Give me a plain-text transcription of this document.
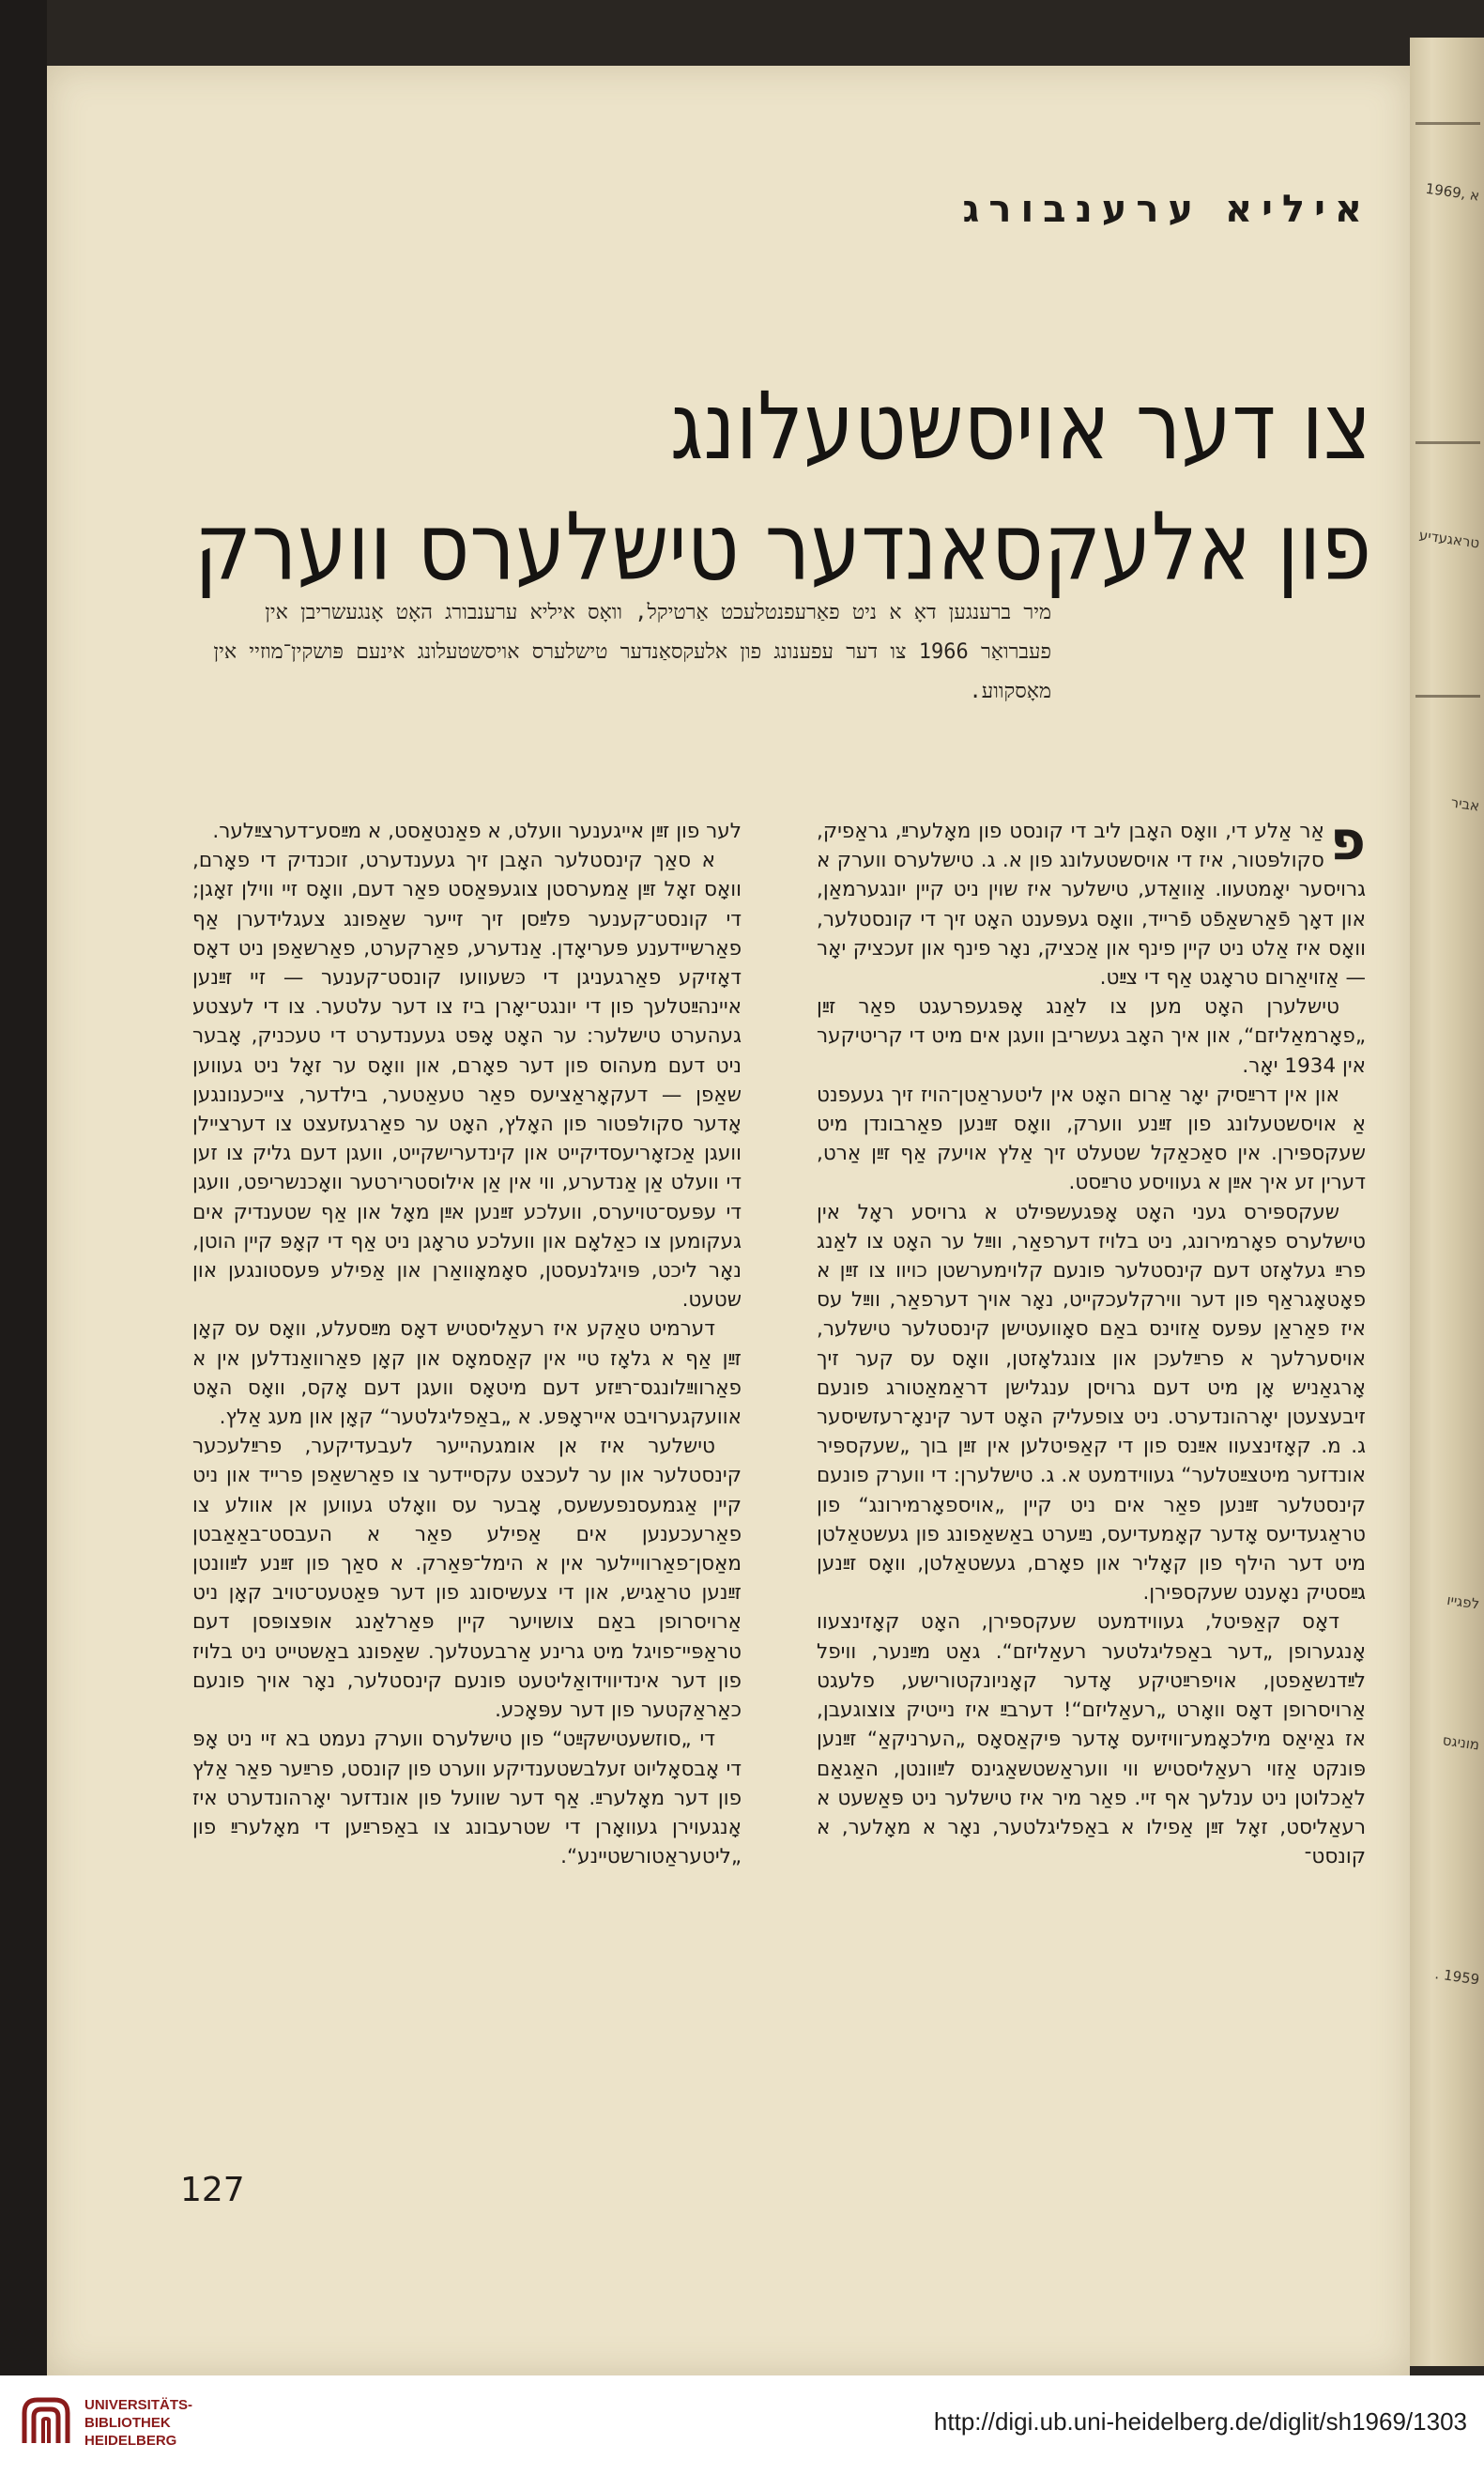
א ,1969
טראגעדיע
אביר
לפגייו
מוניגס
1959 .
איליא ערענבורג
צו דער אויסשטעלונג
פון אלעקסאנדער טישלערס ווערק
מיר ברענגען דאָ א ניט פאַרעפנטלעכט אַרטיקל, וואָס איליא ערענבורג האָט אָנגעשריבן אין פעברואַר 1966 צו דער עפענונג פון אלעקסאַנדער טישלערס אויסשטעלונג אינעם פּושקין־מוזיי אין מאָסקווע.

פ
אַר אַלע די, וואָס האָבן ליב די קונסט פון מאָלערײַ, גראַפיק, סקולפּטור, איז די אויסשטעלונג פון א. ג. טישלערס ווערק א גרויסער יאָמטעוו. אַוואַדע, טישלער איז שוין ניט קיין יונגערמאַן, און דאָך פֿאַרשאַפֿט פֿרייד, וואָס געפּענט האָט זיך די קונסטלער, וואָס איז אַלט ניט קיין פינף און אַכציק, נאָר פינף און זעכציק יאָר — אַזויאַרום טראָגט אַף די צײַט.

טישלערן האָט מען צו לאַנג אָפּגעפרעגט פאַר זײַן „פאָרמאַליזם“, און איך האָב געשריבן וועגן אים מיט די קריטיקער אין 1934 יאָר.

און אין דרײַסיק יאָר אַרום האָט אין ליטעראַטן־הויז זיך געעפנט אַ אויסשטעלונג פון זײַנע ווערק, וואָס זײַנען פאַרבונדן מיט שעקספּירן. אין סאַכאַקל שטעלט זיך אַלץ אויעק אַף זײַן אַרט, דערין זע איך אײַן א געוויסע טרײַסט.

שעקספּירס געני האָט אָפּגעשפּילט א גרויסע ראָל אין טישלערס פאָרמירונג, ניט בלויז דערפאַר, ווײַל ער האָט צו לאַנג פרײַ געלאָזט דעם קינסטלער פונעם קלוימערשטן כויוו צו זײַן א פאָטאָגראַף פון דער ווירקלעכקייט, נאָר אויך דערפאַר, ווײַל עס איז פאַראַן עפּעס אַזוינס באַם סאָוועטישן קינסטלער טישלער, אויסערלעך א פרײַלעכן און צונגלאָזטן, וואָס עס קער זיך אָרגאַניש אָן מיט דעם גרויסן ענגלישן דראַמאַטורג פונעם זיבעצעטן יאָרהונדערט. ניט צופעליק האָט דער קינאָ־רעזשיסער ג. מ. קאָזינצעוו אײַנס פון די קאַפּיטלען אין זײַן בוך „שעקספּיר אונדזער מיטצײַטלער“ געווידמעט א. ג. טישלערן: די ווערק פונעם קינסטלער זײַנען פאַר אים ניט קיין „אויספאָרמירונג“ פון טראַגעדיעס אָדער קאָמעדיעס, נײַערט באַשאַפונג פון געשטאַלטן מיט דער הילף פון קאָליר און פאָרם, געשטאַלטן, וואָס זײַנען גײַסטיק נאָענט שעקספּירן.

דאָס קאַפּיטל, געווידמעט שעקספּירן, האָט קאָזינצעוו אָנגערופן „דער באַפליגלטער רעאַליזם“. גאַט מײַנער, וויפל לײַדנשאַפטן, אויפרײַטיקע אָדער קאָניונקטורישע, פלעגט אַרויסרופן דאָס וואָרט „רעאַליזם“! דערבײַ איז נייטיק צוצוגעבן, אז גאַיאַס מילכאָמע־וויזיעס אָדער פּיקאַסאָס „הערניקאַ“ זײַנען פּונקט אַזוי רעאַליסטיש ווי וועראַשטשאַגינס לײַוונטן, האַגאַם לאַכלוטן ניט ענלעך אף זיי. פאַר מיר איז טישלער ניט פּאַשעט א רעאַליסט, זאָל זײַן אַפילו א באַפליגלטער, נאָר א מאָלער, א קונסט־

לער פון זײַן אייגענער וועלט, א פאַנטאַסט, א מײַסע־דערצײַלער.

א סאַך קינסטלער האָבן זיך געענדערט, זוכנדיק די פאָרם, וואָס זאָל זײַן אַמערסטן צוגעפּאַסט פאַר דעם, וואָס זיי ווילן זאָגן; די קונסט־קענער פלײַסן זיך זייער שאַפונג צעגלידערן אַף פאַרשיידענע פּעריאָדן. אַנדערע, פאַרקערט, פאַרשאַפן ניט דאָס דאָזיקע פאַרגעניגן די כּשעוועו קונסט־קענער — זיי זײַנען איינהײַטלעך פון די יונגט־יאָרן ביז צו דער עלטער. צו די לעצטע געהערט טישלער: ער האָט אָפּט געענדערט די טעכניק, אָבער ניט דעם מעהוס פון דער פאָרם, און וואָס ער זאָל ניט געווען שאַפן — דעקאָראַציעס פאַר טעאַטער, בילדער, צייכענונגען אָדער סקולפּטור פון האָלץ, האָט ער פאַרגעזעצט צו דערציילן וועגן אַכזאָריעסדיקייט און קינדערישקייט, וועגן דעם גליק צו זען די וועלט אַן אַנדערע, ווי אין אַן אילוסטרירטער וואָכנשריפט, וועגן די עפּעס־טויערס, וועלכע זײַנען אײַן מאָל און אַף שטענדיק אים געקומען צו כאַלאָם און וועלכע טראָגן ניט אַף די קאָפּ קיין הוטן, נאָר ליכט, פּויגלנעסטן, סאָמאָוואַרן און אַפילע פּעסטונגען און שטעט.

דערמיט טאַקע איז רעאַליסטיש דאָס מײַסעלע, וואָס עס קאָן זײַן אַף א גלאָז טיי אין קאַסמאָס און קאָן פאַרוואַנדלען אין א פאַרווײַלונגס־רײַזע דעם מיטאָס וועגן דעם אָקס, וואָס האָט אוועקגערויבט אייראָפּע. א „באַפליגלטער“ קאָן און מעג אַלץ.

טישלער איז אן אומגעהייער לעבעדיקער, פרײַלעכער קינסטלער און ער לעכצט עקסיידער צו פאַרשאַפן פרייד און ניט קיין אַגמעסנפעשעס, אָבער עס וואָלט געווען אן אוולע צו פאַרעכענען אים אַפילע פאַר א העבסט־באַאַבטן מאַסן־פאַרוויילער אין א הימל־פּאַרק. א סאַך פון זײַנע לײַוונטן זײַנען טראַגיש, און די צעשיסונג פון דער פּאַטעט־טויב קאָן ניט אַרויסרופן באַם צושויער קיין פּאַרלאַנג אופּצופּסן דעם טראַפּיי־פויגל מיט גרינע אַרבעטלעך. שאַפונג באַשטייט ניט בלויז פון דער אינדיווידואַליטעט פונעם קינסטלער, נאָר אויך פונעם כאַראַקטער פון דער עפּאָכע.

די „סוזשעטישקײַט“ פון טישלערס ווערק נעמט בא זיי ניט אָפּ די אָבסאָליוט זעלבשטענדיקע ווערט פון קונסט, פרײַער פאַר אַלץ פון דער מאָלערײַ. אַף דער שוועל פון אונדזער יאָרהונדערט איז אָנגעוירן געוואָרן די שטרעבונג צו באַפרײַען די מאָלערײַ פון „ליטעראַטורשטיינע“.

127
UNIVERSITÄTS-
BIBLIOTHEK
HEIDELBERG
http://digi.ub.uni-heidelberg.de/diglit/sh1969/1303
